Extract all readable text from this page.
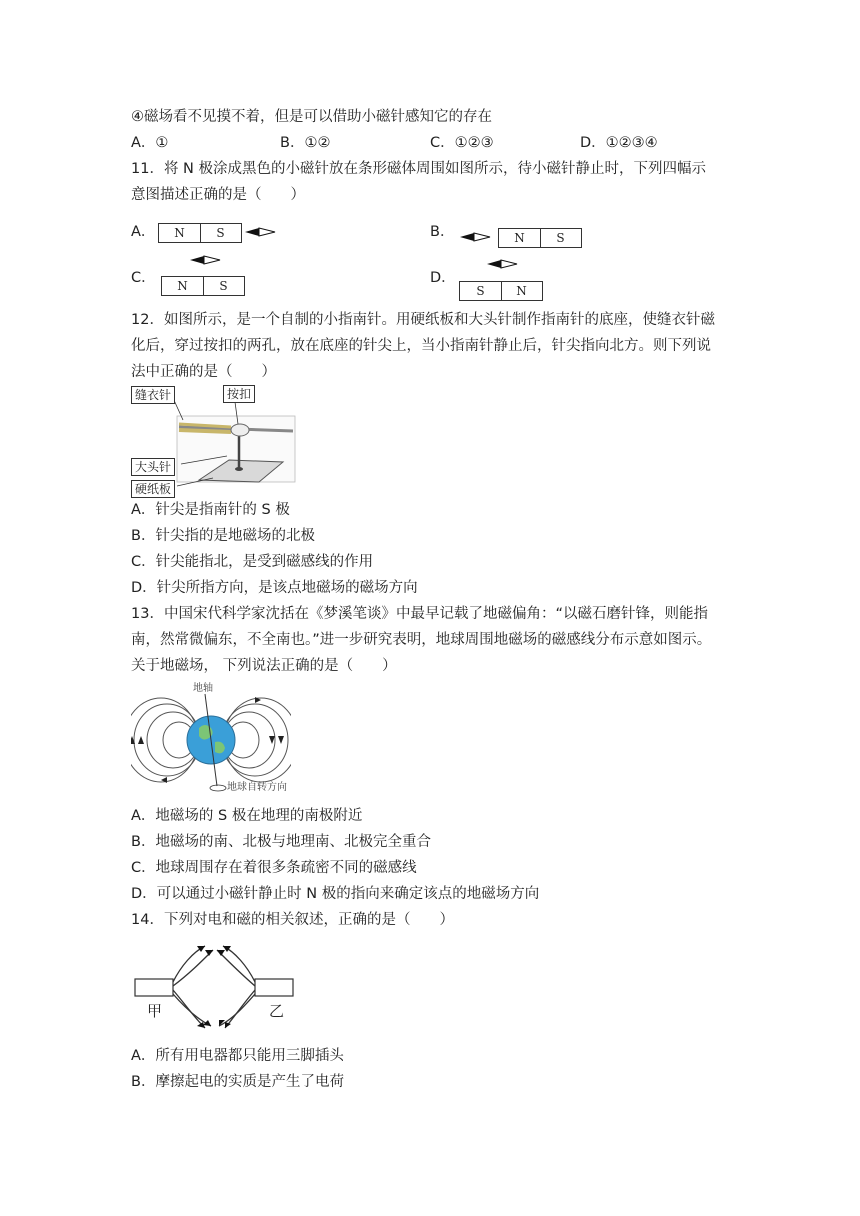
④磁场看不见摸不着，但是可以借助小磁针感知它的存在
A．①	B．①②	C．①②③	D．①②③④
11．将 N 极涂成黑色的小磁针放在条形磁体周围如图所示，待小磁针静止时，下列四幅示
意图描述正确的是（　　）
A．	N	S	B．	N	S
C．	N	S	D．
S	N
12．如图所示，是一个自制的小指南针。用硬纸板和大头针制作指南针的底座，使缝衣针磁
化后，穿过按扣的两孔，放在底座的针尖上，当小指南针静止后，针尖指向北方。则下列说
法中正确的是（　　）
缝衣针	按扣
大头针
硬纸板
A．针尖是指南针的 S 极
B．针尖指的是地磁场的北极
C．针尖能指北，是受到磁感线的作用
D．针尖所指方向，是该点地磁场的磁场方向
13．中国宋代科学家沈括在《梦溪笔谈》中最早记载了地磁偏角：“以磁石磨针锋，则能指
南，然常微偏东，不全南也。”进一步研究表明，地球周围地磁场的磁感线分布示意如图示。
关于地磁场， 下列说法正确的是（　　）
地轴
地球自转方向
A．地磁场的 S 极在地理的南极附近
B．地磁场的南、北极与地理南、北极完全重合
C．地球周围存在着很多条疏密不同的磁感线
D．可以通过小磁针静止时 N 极的指向来确定该点的地磁场方向
14．下列对电和磁的相关叙述，正确的是（　　）
甲	乙
A．所有用电器都只能用三脚插头
B．摩擦起电的实质是产生了电荷
